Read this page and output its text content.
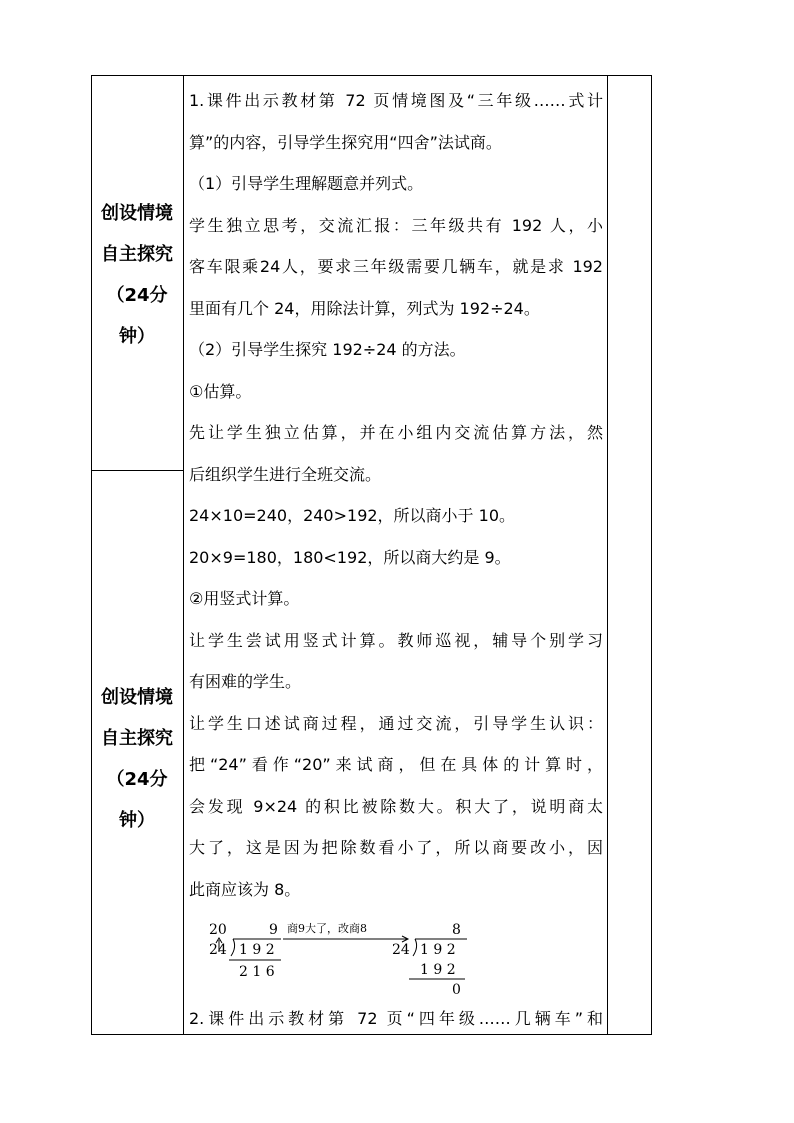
创设情境
自主探究
（24分
钟）
创设情境
自主探究
（24分
钟）
1.课件出示教材第 72 页情境图及“三年级……式计
算”的内容，引导学生探究用“四舍”法试商。
（1）引导学生理解题意并列式。
学生独立思考，交流汇报：三年级共有 192 人，小
客车限乘24人，要求三年级需要几辆车，就是求 192
里面有几个 24，用除法计算，列式为 192÷24。
（2）引导学生探究 192÷24 的方法。
①估算。
先让学生独立估算，并在小组内交流估算方法，然
后组织学生进行全班交流。
24×10=240，240>192，所以商小于 10。
20×9=180，180<192，所以商大约是 9。
②用竖式计算。
让学生尝试用竖式计算。教师巡视，辅导个别学习
有困难的学生。
让学生口述试商过程，通过交流，引导学生认识：
把“24”看作“20”来试商，但在具体的计算时，
会发现 9×24 的积比被除数大。积大了，说明商太
大了，这是因为把除数看小了，所以商要改小，因
此商应该为 8。
20	9
24 1 9 2
2 1 6
商9大了，改商8	8
24 1 9 2
1 9 2
0
2.课件出示教材第 72 页“四年级……几辆车”和
